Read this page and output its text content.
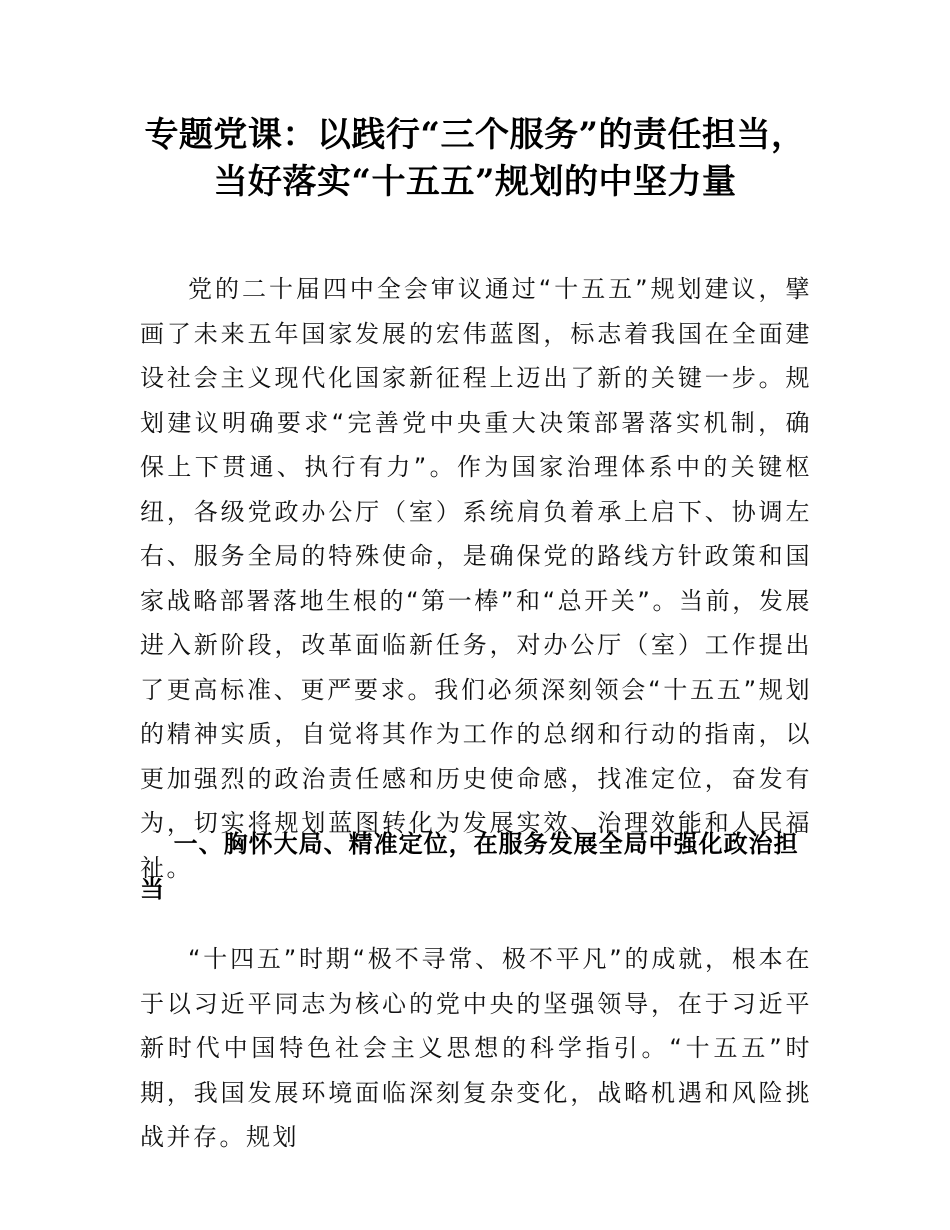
专题党课：以践行“三个服务”的责任担当，当好落实“十五五”规划的中坚力量

党的二十届四中全会审议通过“十五五”规划建议，擘画了未来五年国家发展的宏伟蓝图，标志着我国在全面建设社会主义现代化国家新征程上迈出了新的关键一步。规划建议明确要求“完善党中央重大决策部署落实机制，确保上下贯通、执行有力”。作为国家治理体系中的关键枢纽，各级党政办公厅（室）系统肩负着承上启下、协调左右、服务全局的特殊使命，是确保党的路线方针政策和国家战略部署落地生根的“第一棒”和“总开关”。当前，发展进入新阶段，改革面临新任务，对办公厅（室）工作提出了更高标准、更严要求。我们必须深刻领会“十五五”规划的精神实质，自觉将其作为工作的总纲和行动的指南，以更加强烈的政治责任感和历史使命感，找准定位，奋发有为，切实将规划蓝图转化为发展实效、治理效能和人民福祉。

一、胸怀大局、精准定位，在服务发展全局中强化政治担当

“十四五”时期“极不寻常、极不平凡”的成就，根本在于以习近平同志为核心的党中央的坚强领导，在于习近平新时代中国特色社会主义思想的科学指引。“十五五”时期，我国发展环境面临深刻复杂变化，战略机遇和风险挑战并存。规划
